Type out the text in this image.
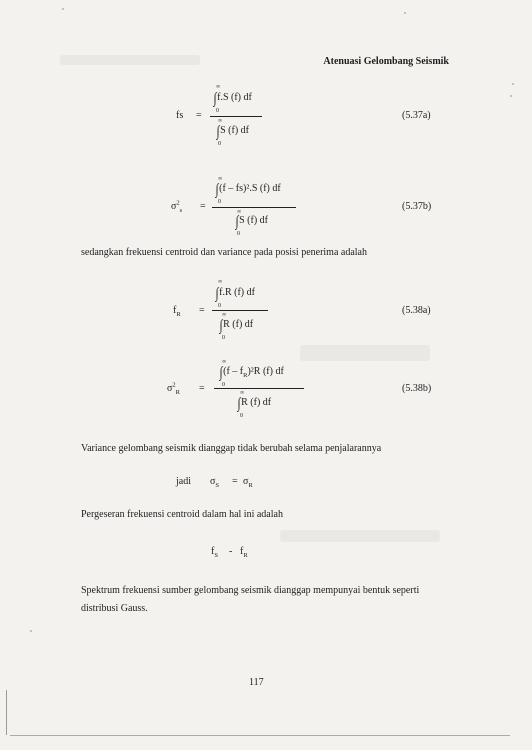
Atenuasi Gelombang Seismik
fs =
∞
∫f.S (f) df
0
∞
∫S (f) df
0
(5.37a)
$\sigma^2_s$ =
∞
∫(f – fs)².S (f) df
0
∞
∫S (f) df
0
(5.37b)
sedangkan frekuensi centroid dan variance pada posisi penerima adalah
$f_R$ =
∞
∫f.R (f) df
0
∞
∫R (f) df
0
(5.38a)
$\sigma^2_R$ =
∞
$\int(f - f_R)^2R$ (f) df
0
∞
∫R (f) df
0
(5.38b)
Variance gelombang seismik dianggap tidak berubah selama penjalarannya
jadi $\sigma_S = \sigma_R$
Pergeseran frekuensi centroid dalam hal ini adalah
$f_S - f_R$
Spektrum frekuensi sumber gelombang seismik dianggap mempunyai bentuk seperti
distribusi Gauss.
117
